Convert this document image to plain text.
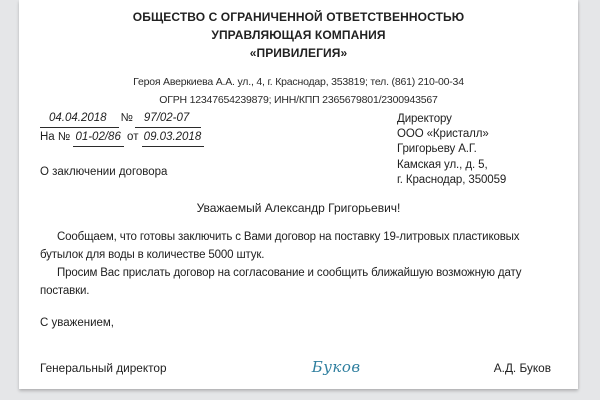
ОБЩЕСТВО С ОГРАНИЧЕННОЙ ОТВЕТСТВЕННОСТЬЮ
УПРАВЛЯЮЩАЯ КОМПАНИЯ
«ПРИВИЛЕГИЯ»
Героя Аверкиева А.А. ул., 4, г. Краснодар, 353819; тел. (861) 210-00-34
ОГРН 12347654239879; ИНН/КПП 2365679801/2300943567
04.04.2018 № 97/02-07
На № 01-02/86 от 09.03.2018
Директору
ООО «Кристалл»
Григорьеву А.Г.
Камская ул., д. 5,
г. Краснодар, 350059
О заключении договора
Уважаемый Александр Григорьевич!

Сообщаем, что готовы заключить с Вами договор на поставку 19-литровых пластиковых бутылок для воды в количестве 5000 штук.

Просим Вас прислать договор на согласование и сообщить ближайшую возможную дату поставки.

С уважением,
Генеральный директор	Буков	А.Д. Буков
